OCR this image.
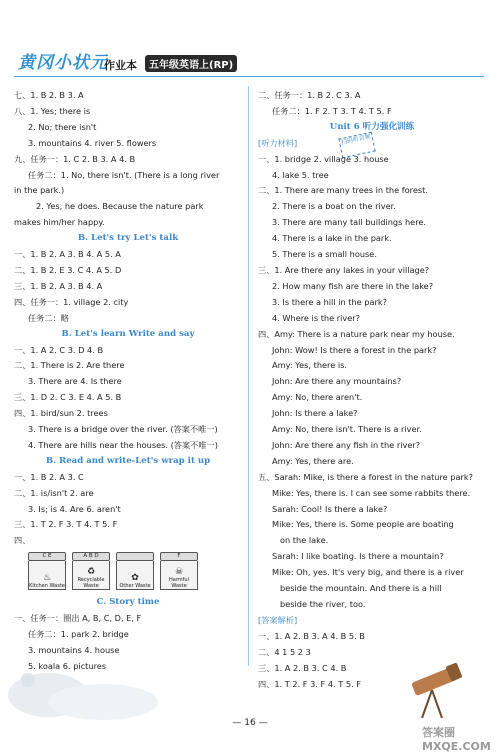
黄冈小状元
作业本	五年级英语上(RP)
扫码听音频
七、1. B 2. B 3. A
八、1. Yes; there is
2. No; there isn't
3. mountains 4. river 5. flowers
九、任务一：1. C 2. B 3. A 4. B
任务二：1. No, there isn't. (There is a long river
in the park.)
2. Yes, he does. Because the nature park
makes him/her happy.
B. Let's try Let's talk
一、1. B 2. A 3. B 4. A 5. A
二、1. B 2. E 3. C 4. A 5. D
三、1. B 2. A 3. B 4. A
四、任务一：1. village 2. city
任务二：略
B. Let's learn Write and say
一、1. A 2. C 3. D 4. B
二、1. There is 2. Are there
3. There are 4. Is there
三、1. D 2. C 3. E 4. A 5. B
四、1. bird/sun 2. trees
3. There is a bridge over the river. (答案不唯一)
4. There are hills near the houses. (答案不唯一)
B. Read and write-Let's wrap it up
一、1. B 2. A 3. C
二、1. is/isn't 2. are
3. Is; is 4. Are 6. aren't
三、1. T 2. F 3. T 4. T 5. F
四、
C E
♨
Kitchen Waste
A B D
♻
Recyclable Waste
✿
Other Waste
F
☠
Harmful Waste
C. Story time
一、任务一：圈出 A, B, C, D, E, F
任务二：1. park 2. bridge
3. mountains 4. house
5. koala 6. pictures
二、任务一：1. B 2. C 3. A
任务二：1. F 2. T 3. T 4. T 5. F
Unit 6 听力强化训练
[听力材料]
一、1. bridge 2. village 3. house
4. lake 5. tree
二、1. There are many trees in the forest.
2. There is a boat on the river.
3. There are many tall buildings here.
4. There is a lake in the park.
5. There is a small house.
三、1. Are there any lakes in your village?
2. How many fish are there in the lake?
3. Is there a hill in the park?
4. Where is the river?
四、Amy: There is a nature park near my house.
John: Wow! Is there a forest in the park?
Amy: Yes, there is.
John: Are there any mountains?
Amy: No, there aren't.
John: Is there a lake?
Amy: No, there isn't. There is a river.
John: Are there any fish in the river?
Amy: Yes, there are.
五、Sarah: Mike, is there a forest in the nature park?
Mike: Yes, there is. I can see some rabbits there.
Sarah: Cool! Is there a lake?
Mike: Yes, there is. Some people are boating
on the lake.
Sarah: I like boating. Is there a mountain?
Mike: Oh, yes. It's very big, and there is a river
beside the mountain. And there is a hill
beside the river, too.
[答案解析]
一、1. A 2. B 3. A 4. B 5. B
二、4 1 5 2 3
三、1. A 2. B 3. C 4. B
四、1. T 2. F 3. F 4. T 5. F
— 16 —
答案圈 MXQE.COM
